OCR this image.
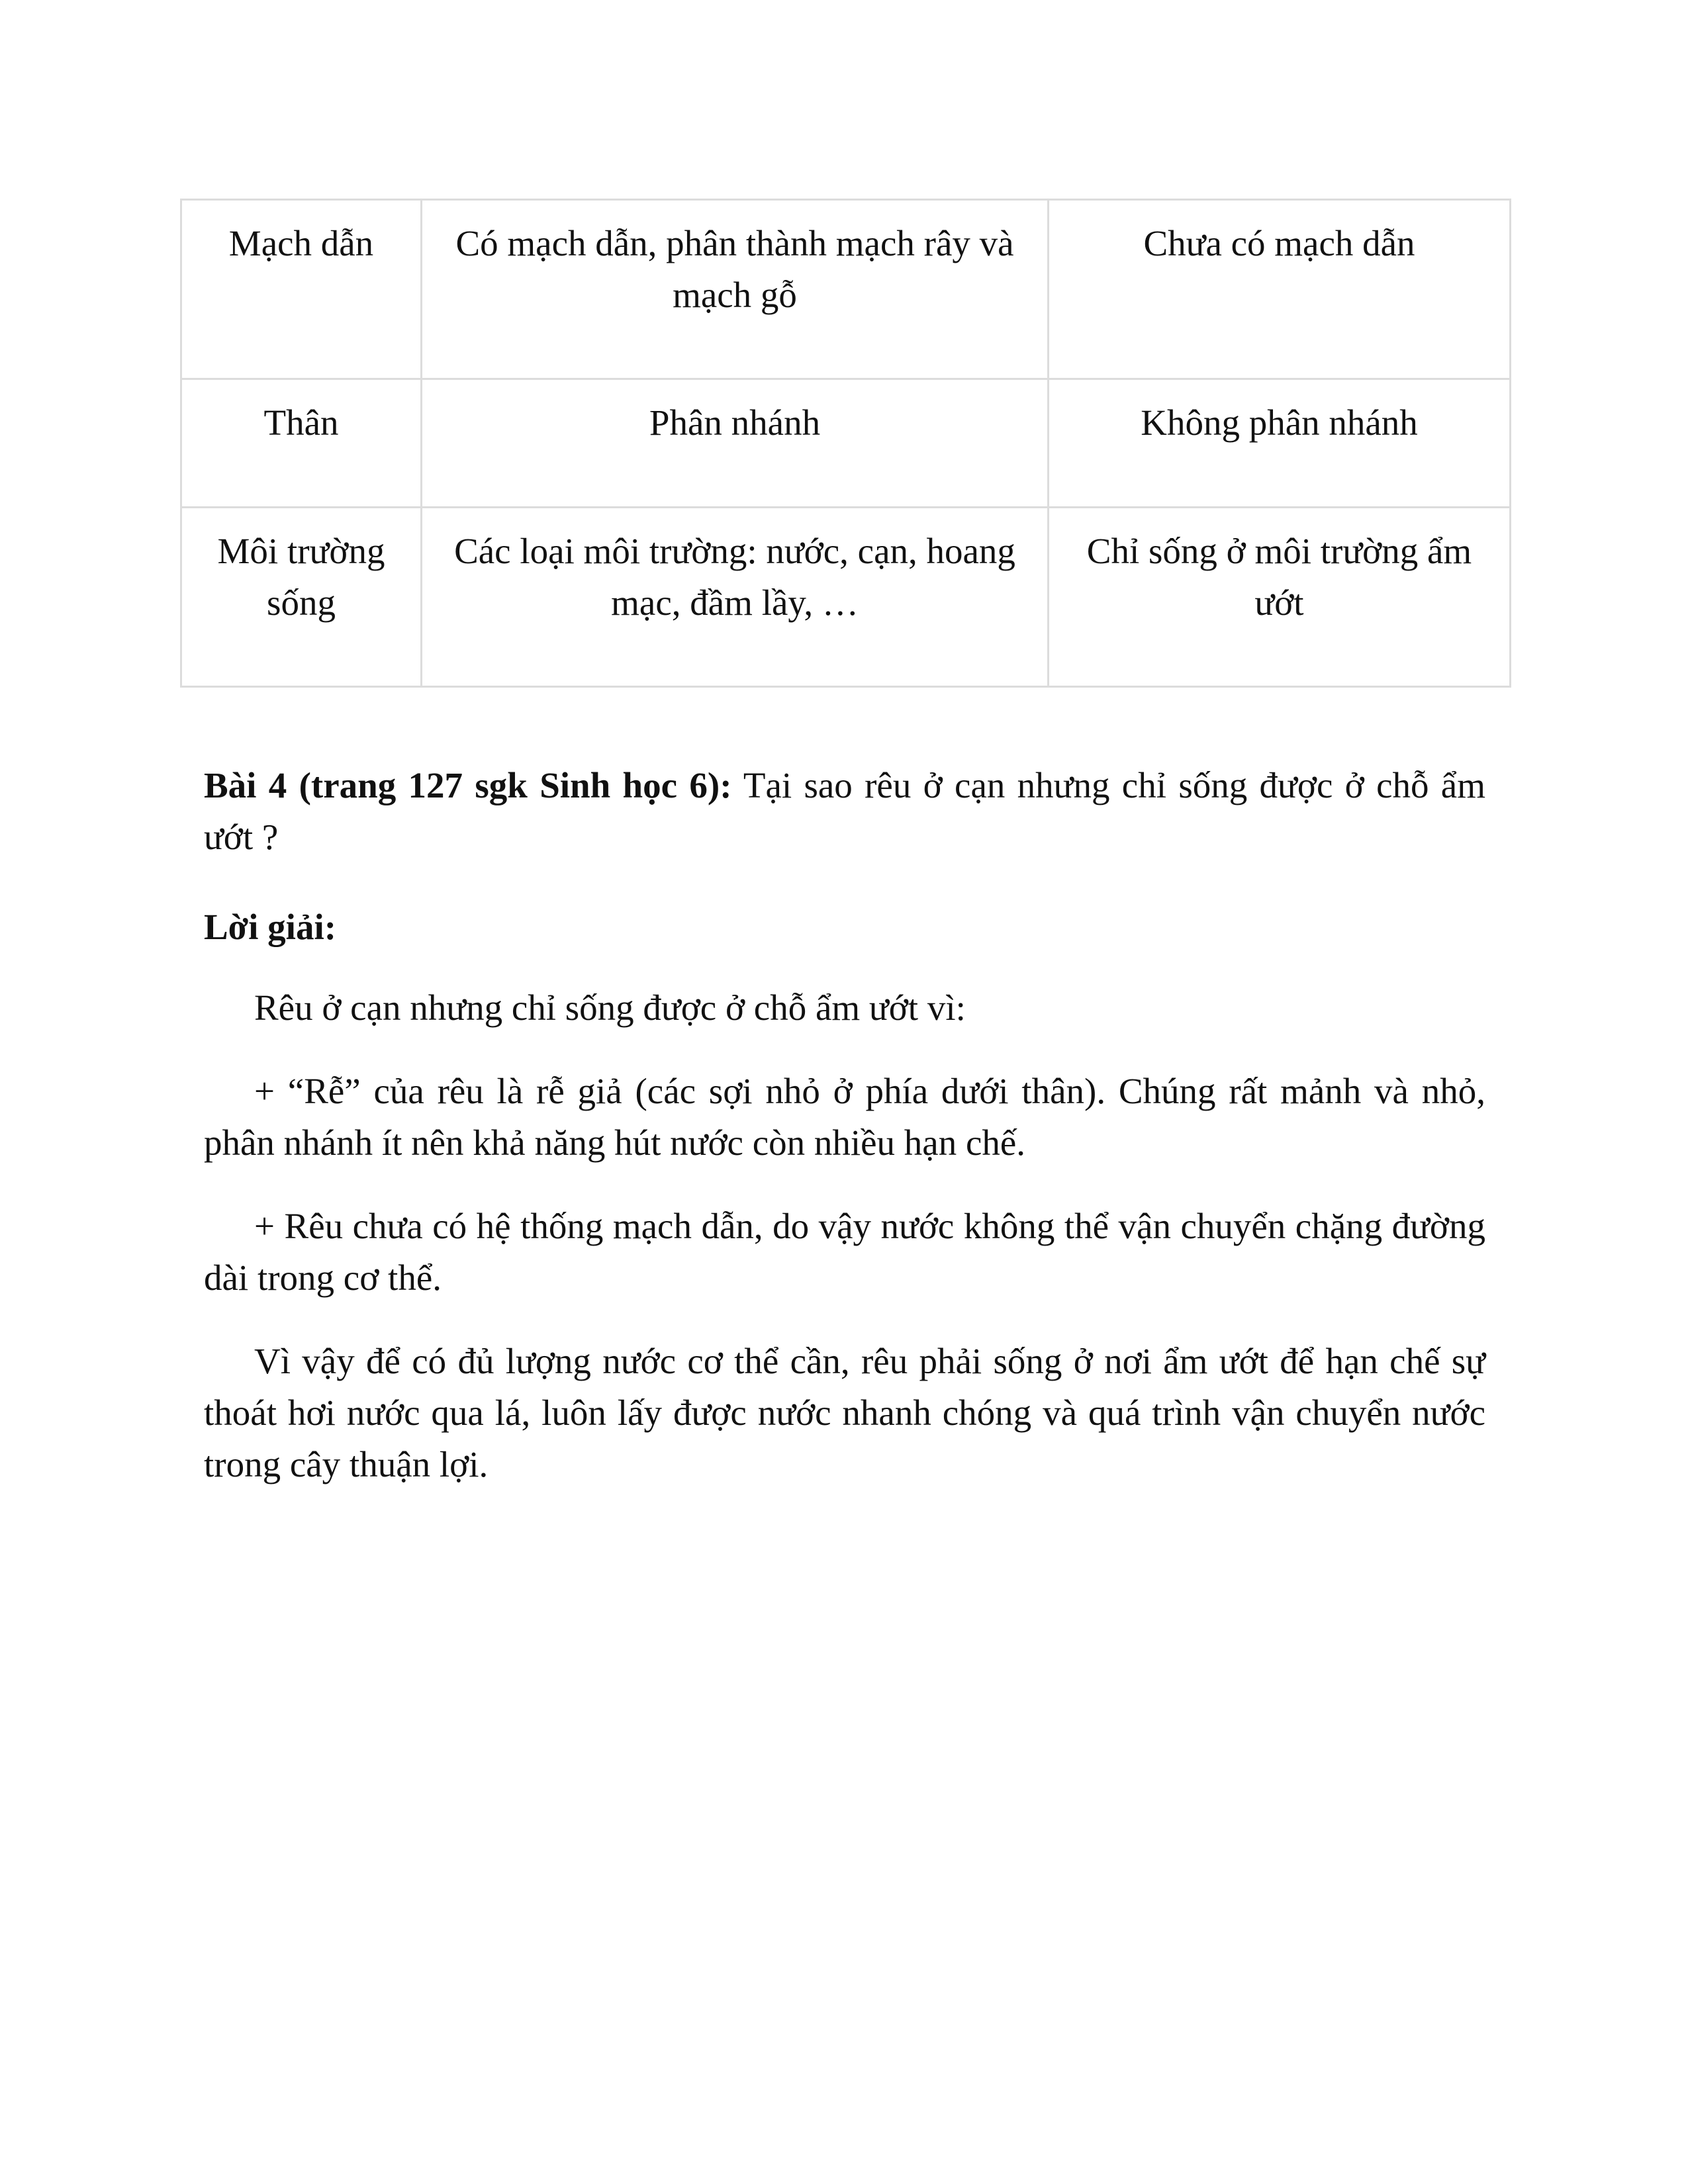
Mạch dẫn	Có mạch dẫn, phân thành mạch rây và mạch gỗ	Chưa có mạch dẫn
Thân	Phân nhánh	Không phân nhánh
Môi trường sống	Các loại môi trường: nước, cạn, hoang mạc, đầm lầy, …	Chỉ sống ở môi trường ẩm ướt

Bài 4 (trang 127 sgk Sinh học 6): Tại sao rêu ở cạn nhưng chỉ sống được ở chỗ ẩm ướt ?

Lời giải:

Rêu ở cạn nhưng chỉ sống được ở chỗ ẩm ướt vì:

+ “Rễ” của rêu là rễ giả (các sợi nhỏ ở phía dưới thân). Chúng rất mảnh và nhỏ, phân nhánh ít nên khả năng hút nước còn nhiều hạn chế.

+ Rêu chưa có hệ thống mạch dẫn, do vậy nước không thể vận chuyển chặng đường dài trong cơ thể.

Vì vậy để có đủ lượng nước cơ thể cần, rêu phải sống ở nơi ẩm ướt để hạn chế sự thoát hơi nước qua lá, luôn lấy được nước nhanh chóng và quá trình vận chuyển nước trong cây thuận lợi.
